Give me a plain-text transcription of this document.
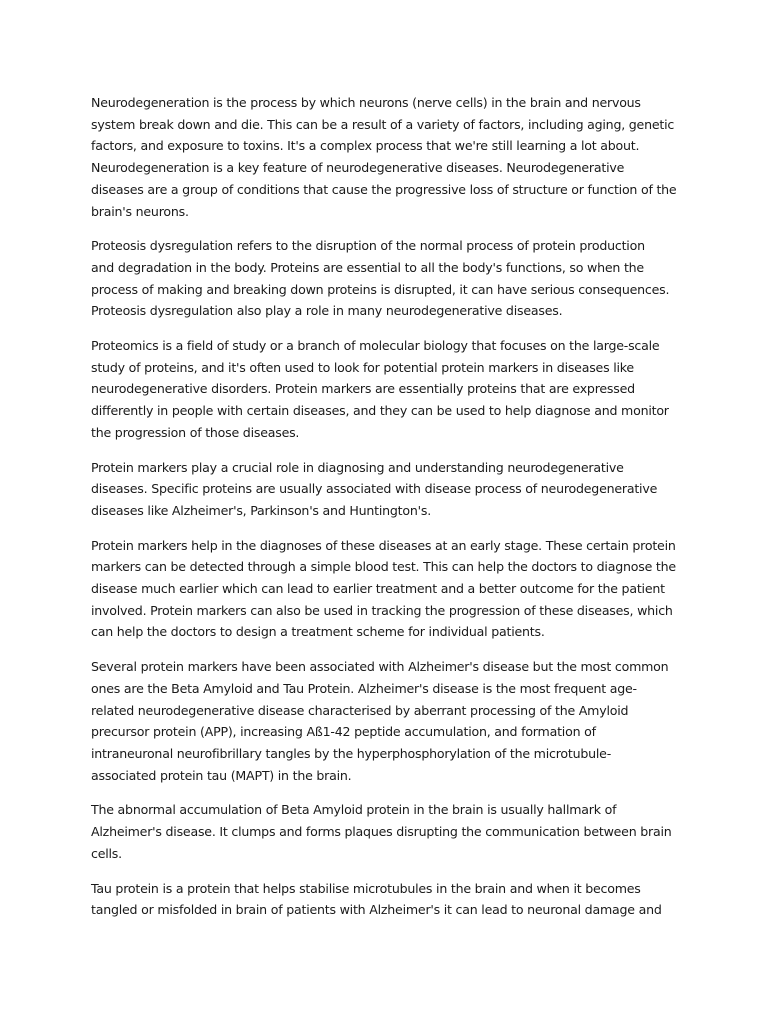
Neurodegeneration is the process by which neurons (nerve cells) in the brain and nervous
system break down and die. This can be a result of a variety of factors, including aging, genetic
factors, and exposure to toxins. It's a complex process that we're still learning a lot about.
Neurodegeneration is a key feature of neurodegenerative diseases. Neurodegenerative
diseases are a group of conditions that cause the progressive loss of structure or function of the
brain's neurons.

Proteosis dysregulation refers to the disruption of the normal process of protein production
and degradation in the body. Proteins are essential to all the body's functions, so when the
process of making and breaking down proteins is disrupted, it can have serious consequences.
Proteosis dysregulation also play a role in many neurodegenerative diseases.

Proteomics is a field of study or a branch of molecular biology that focuses on the large-scale
study of proteins, and it's often used to look for potential protein markers in diseases like
neurodegenerative disorders. Protein markers are essentially proteins that are expressed
differently in people with certain diseases, and they can be used to help diagnose and monitor
the progression of those diseases.

Protein markers play a crucial role in diagnosing and understanding neurodegenerative
diseases. Specific proteins are usually associated with disease process of neurodegenerative
diseases like Alzheimer's, Parkinson's and Huntington's.

Protein markers help in the diagnoses of these diseases at an early stage. These certain protein
markers can be detected through a simple blood test. This can help the doctors to diagnose the
disease much earlier which can lead to earlier treatment and a better outcome for the patient
involved. Protein markers can also be used in tracking the progression of these diseases, which
can help the doctors to design a treatment scheme for individual patients.

Several protein markers have been associated with Alzheimer's disease but the most common
ones are the Beta Amyloid and Tau Protein. Alzheimer's disease is the most frequent age-
related neurodegenerative disease characterised by aberrant processing of the Amyloid
precursor protein (APP), increasing Aß1-42 peptide accumulation, and formation of
intraneuronal neurofibrillary tangles by the hyperphosphorylation of the microtubule-
associated protein tau (MAPT) in the brain.

The abnormal accumulation of Beta Amyloid protein in the brain is usually hallmark of
Alzheimer's disease. It clumps and forms plaques disrupting the communication between brain
cells.

Tau protein is a protein that helps stabilise microtubules in the brain and when it becomes
tangled or misfolded in brain of patients with Alzheimer's it can lead to neuronal damage and
